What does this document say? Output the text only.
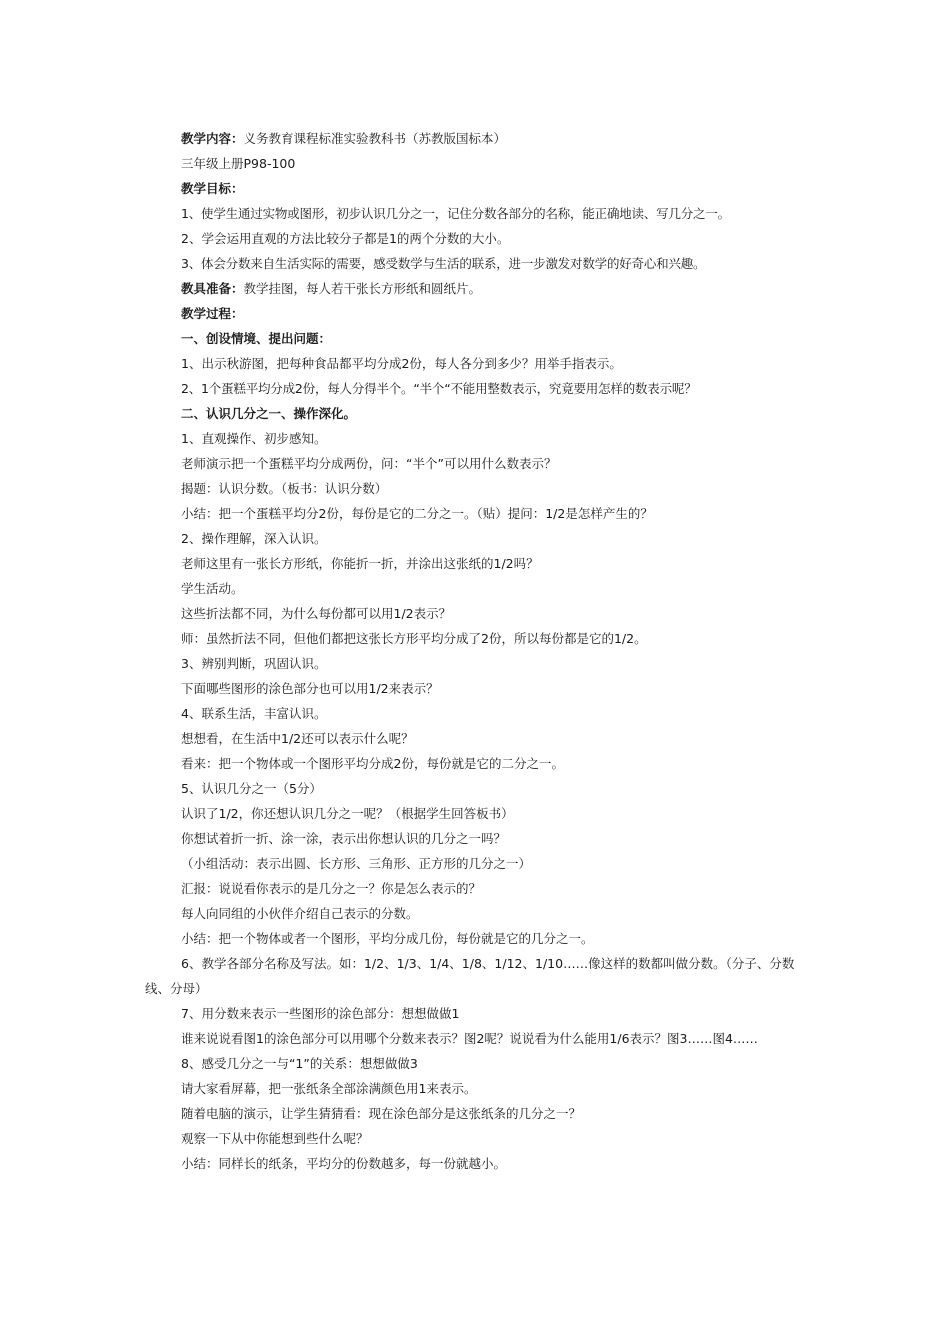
教学内容：义务教育课程标准实验教科书（苏教版国标本）

三年级上册P98-100

教学目标：

1、使学生通过实物或图形，初步认识几分之一，记住分数各部分的名称，能正确地读、写几分之一。

2、学会运用直观的方法比较分子都是1的两个分数的大小。

3、体会分数来自生活实际的需要，感受数学与生活的联系，进一步激发对数学的好奇心和兴趣。

教具准备：教学挂图，每人若干张长方形纸和圆纸片。

教学过程：

一、创设情境、提出问题：

1、出示秋游图，把每种食品都平均分成2份，每人各分到多少？用举手指表示。

2、1个蛋糕平均分成2份，每人分得半个。“半个“不能用整数表示，究竟要用怎样的数表示呢？

二、认识几分之一、操作深化。

1、直观操作、初步感知。

老师演示把一个蛋糕平均分成两份，问：“半个”可以用什么数表示？

揭题：认识分数。（板书：认识分数）

小结：把一个蛋糕平均分2份，每份是它的二分之一。（贴）提问：1/2是怎样产生的？

2、操作理解，深入认识。

老师这里有一张长方形纸，你能折一折，并涂出这张纸的1/2吗？

学生活动。

这些折法都不同，为什么每份都可以用1/2表示？

师：虽然折法不同，但他们都把这张长方形平均分成了2份，所以每份都是它的1/2。

3、辨别判断，巩固认识。

下面哪些图形的涂色部分也可以用1/2来表示？

4、联系生活，丰富认识。

想想看，在生活中1/2还可以表示什么呢？

看来：把一个物体或一个图形平均分成2份，每份就是它的二分之一。

5、认识几分之一（5分）

认识了1/2，你还想认识几分之一呢？（根据学生回答板书）

你想试着折一折、涂一涂，表示出你想认识的几分之一吗？

（小组活动：表示出圆、长方形、三角形、正方形的几分之一）

汇报：说说看你表示的是几分之一？你是怎么表示的？

每人向同组的小伙伴介绍自己表示的分数。

小结：把一个物体或者一个图形，平均分成几份，每份就是它的几分之一。

6、教学各部分名称及写法。如：1/2、1/3、1/4、1/8、1/12、1/10……像这样的数都叫做分数。（分子、分数线、分母）

7、用分数来表示一些图形的涂色部分：想想做做1

谁来说说看图1的涂色部分可以用哪个分数来表示？图2呢？说说看为什么能用1/6表示？图3……图4……

8、感受几分之一与“1”的关系：想想做做3

请大家看屏幕，把一张纸条全部涂满颜色用1来表示。

随着电脑的演示，让学生猜猜看：现在涂色部分是这张纸条的几分之一？

观察一下从中你能想到些什么呢？

小结：同样长的纸条，平均分的份数越多，每一份就越小。
